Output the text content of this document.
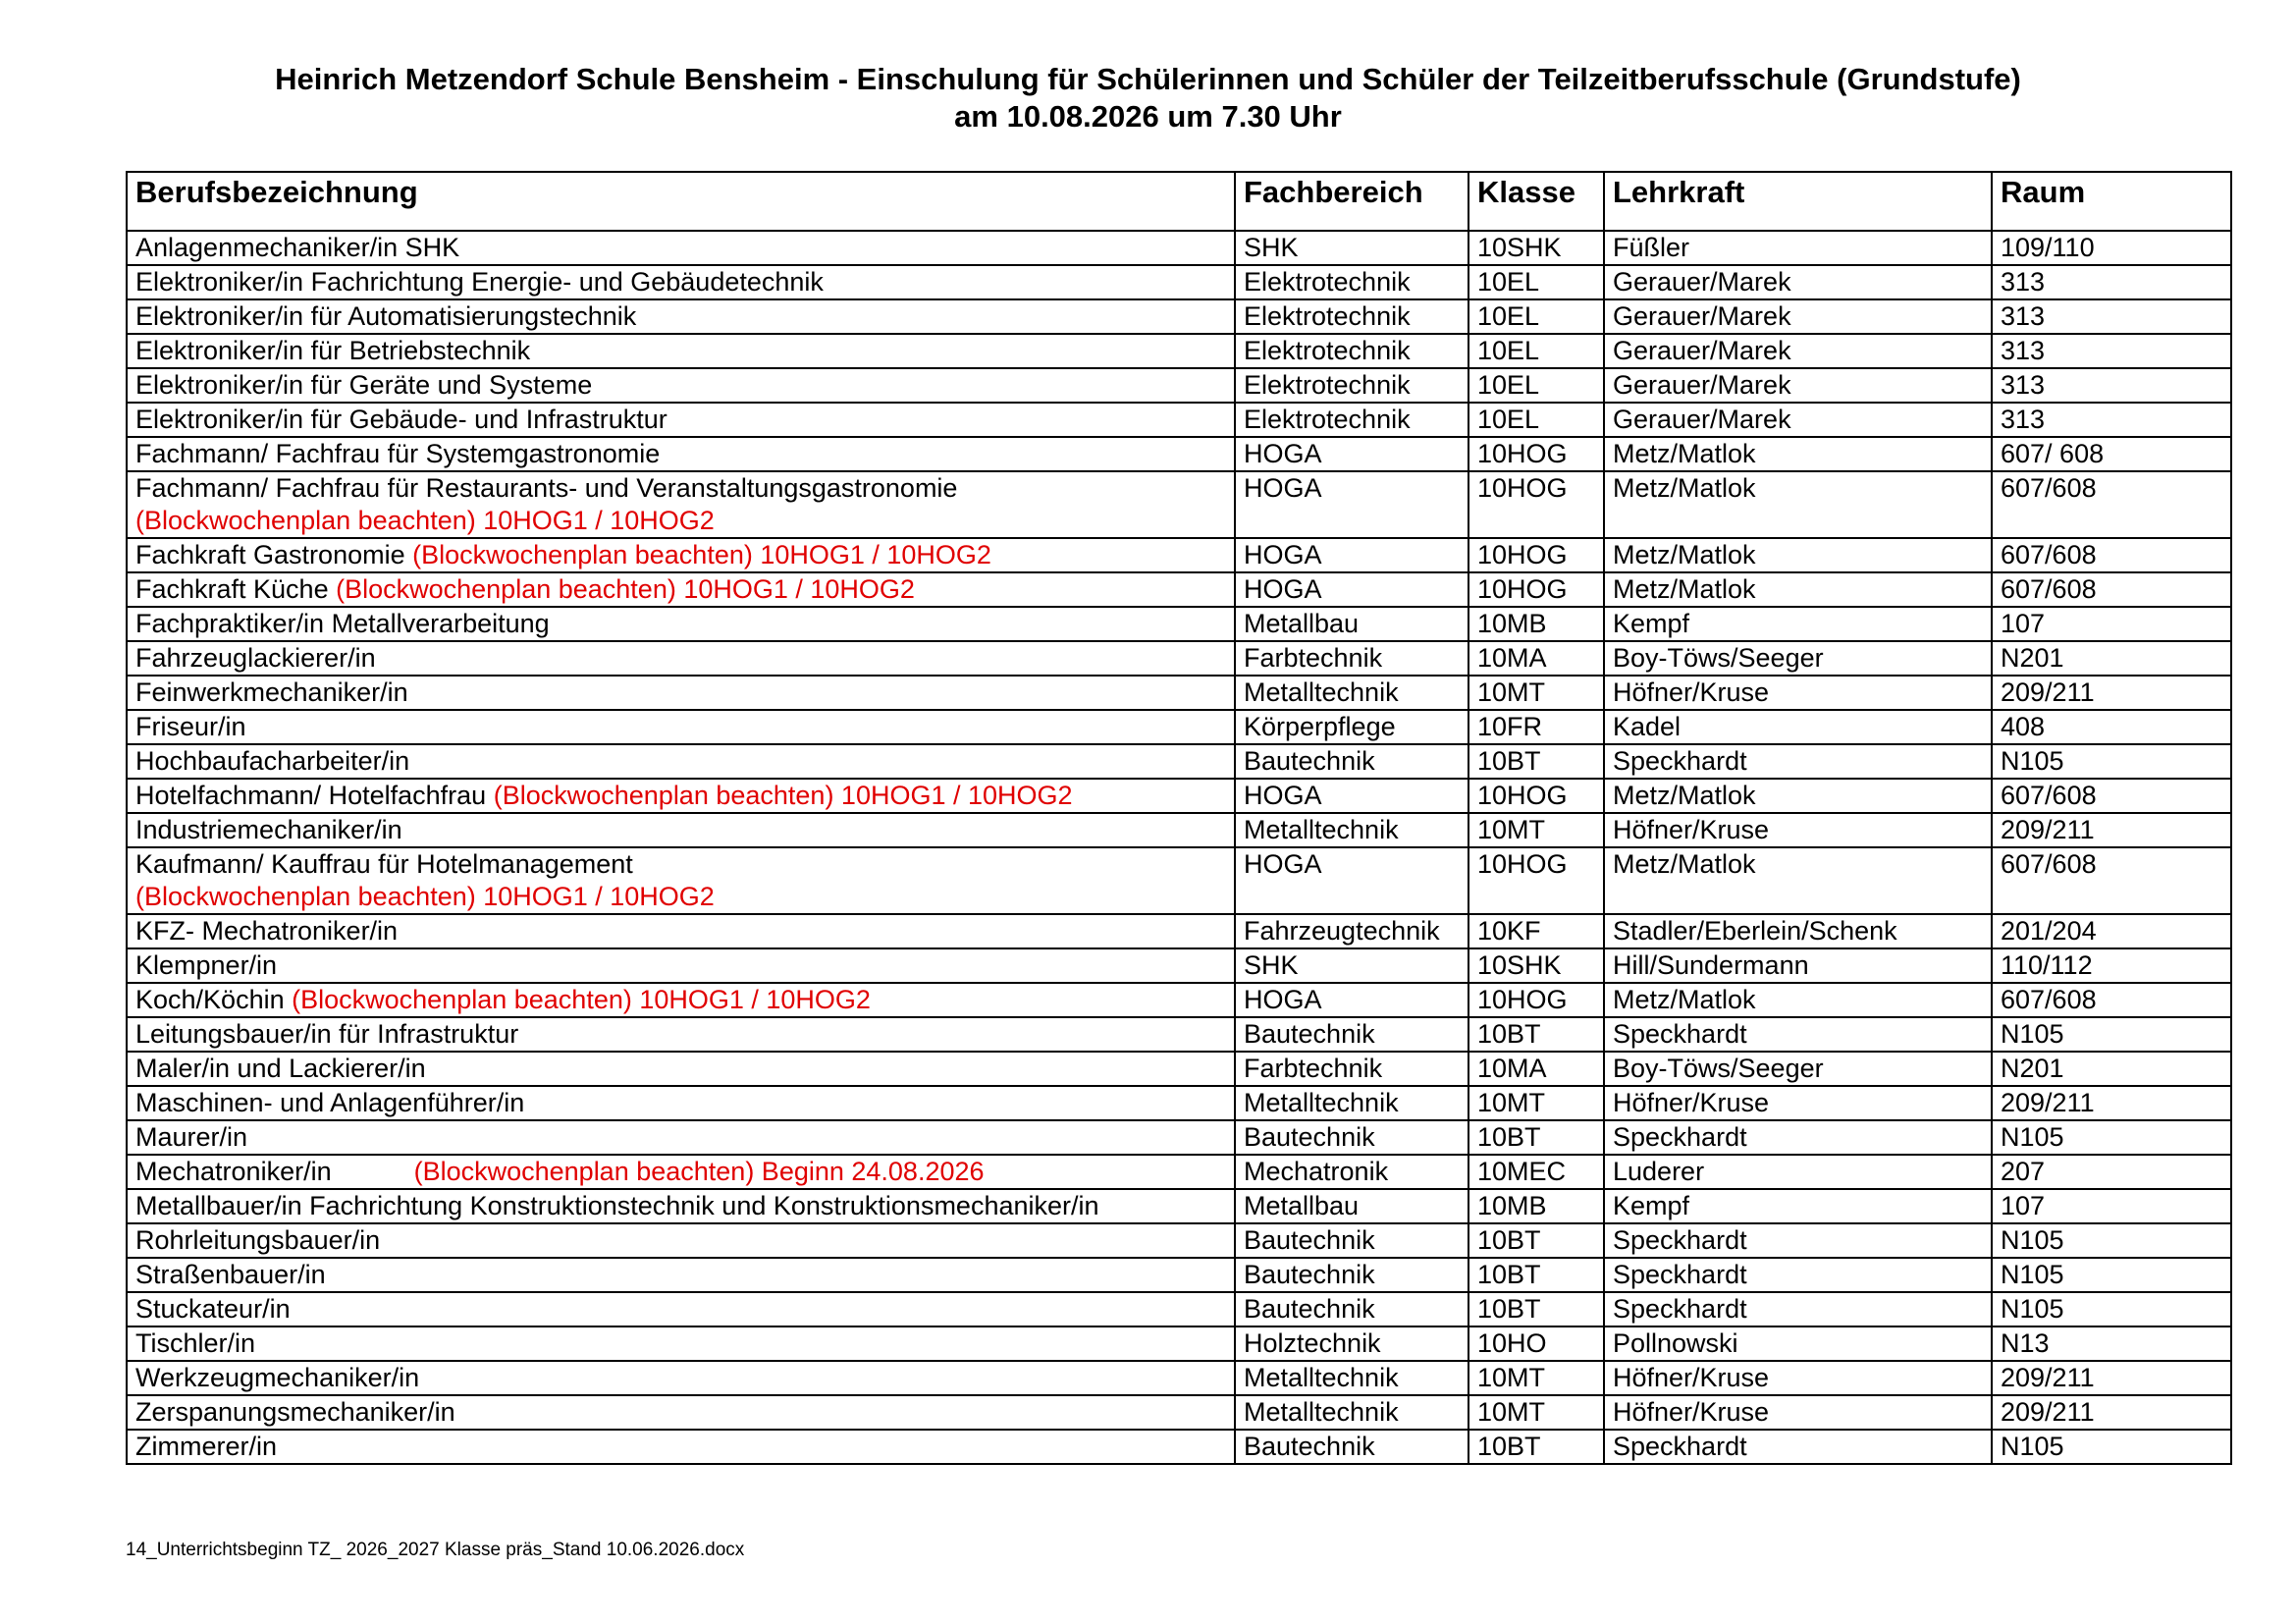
Heinrich Metzendorf Schule Bensheim - Einschulung für Schülerinnen und Schüler der Teilzeitberufsschule (Grundstufe)
am 10.08.2026 um 7.30 Uhr
Berufsbezeichnung	Fachbereich	Klasse	Lehrkraft	Raum
Anlagenmechaniker/in SHK	SHK	10SHK	Füßler	109/110
Elektroniker/in Fachrichtung Energie- und Gebäudetechnik	Elektrotechnik	10EL	Gerauer/Marek	313
Elektroniker/in für Automatisierungstechnik	Elektrotechnik	10EL	Gerauer/Marek	313
Elektroniker/in für Betriebstechnik	Elektrotechnik	10EL	Gerauer/Marek	313
Elektroniker/in für Geräte und Systeme	Elektrotechnik	10EL	Gerauer/Marek	313
Elektroniker/in für Gebäude- und Infrastruktur	Elektrotechnik	10EL	Gerauer/Marek	313
Fachmann/ Fachfrau für Systemgastronomie	HOGA	10HOG	Metz/Matlok	607/ 608
Fachmann/ Fachfrau für Restaurants- und Veranstaltungsgastronomie
(Blockwochenplan beachten) 10HOG1 / 10HOG2	HOGA	10HOG	Metz/Matlok	607/608
Fachkraft Gastronomie (Blockwochenplan beachten) 10HOG1 / 10HOG2	HOGA	10HOG	Metz/Matlok	607/608
Fachkraft Küche (Blockwochenplan beachten) 10HOG1 / 10HOG2	HOGA	10HOG	Metz/Matlok	607/608
Fachpraktiker/in Metallverarbeitung	Metallbau	10MB	Kempf	107
Fahrzeuglackierer/in	Farbtechnik	10MA	Boy-Töws/Seeger	N201
Feinwerkmechaniker/in	Metalltechnik	10MT	Höfner/Kruse	209/211
Friseur/in	Körperpflege	10FR	Kadel	408
Hochbaufacharbeiter/in	Bautechnik	10BT	Speckhardt	N105
Hotelfachmann/ Hotelfachfrau (Blockwochenplan beachten) 10HOG1 / 10HOG2	HOGA	10HOG	Metz/Matlok	607/608
Industriemechaniker/in	Metalltechnik	10MT	Höfner/Kruse	209/211
Kaufmann/ Kauffrau für Hotelmanagement
(Blockwochenplan beachten) 10HOG1 / 10HOG2	HOGA	10HOG	Metz/Matlok	607/608
KFZ- Mechatroniker/in	Fahrzeugtechnik	10KF	Stadler/Eberlein/Schenk	201/204
Klempner/in	SHK	10SHK	Hill/Sundermann	110/112
Koch/Köchin (Blockwochenplan beachten) 10HOG1 / 10HOG2	HOGA	10HOG	Metz/Matlok	607/608
Leitungsbauer/in für Infrastruktur	Bautechnik	10BT	Speckhardt	N105
Maler/in und Lackierer/in	Farbtechnik	10MA	Boy-Töws/Seeger	N201
Maschinen- und Anlagenführer/in	Metalltechnik	10MT	Höfner/Kruse	209/211
Maurer/in	Bautechnik	10BT	Speckhardt	N105
Mechatroniker/in (Blockwochenplan beachten) Beginn 24.08.2026	Mechatronik	10MEC	Luderer	207
Metallbauer/in Fachrichtung Konstruktionstechnik und Konstruktionsmechaniker/in	Metallbau	10MB	Kempf	107
Rohrleitungsbauer/in	Bautechnik	10BT	Speckhardt	N105
Straßenbauer/in	Bautechnik	10BT	Speckhardt	N105
Stuckateur/in	Bautechnik	10BT	Speckhardt	N105
Tischler/in	Holztechnik	10HO	Pollnowski	N13
Werkzeugmechaniker/in	Metalltechnik	10MT	Höfner/Kruse	209/211
Zerspanungsmechaniker/in	Metalltechnik	10MT	Höfner/Kruse	209/211
Zimmerer/in	Bautechnik	10BT	Speckhardt	N105
14_Unterrichtsbeginn TZ_ 2026_2027 Klasse präs_Stand 10.06.2026.docx
